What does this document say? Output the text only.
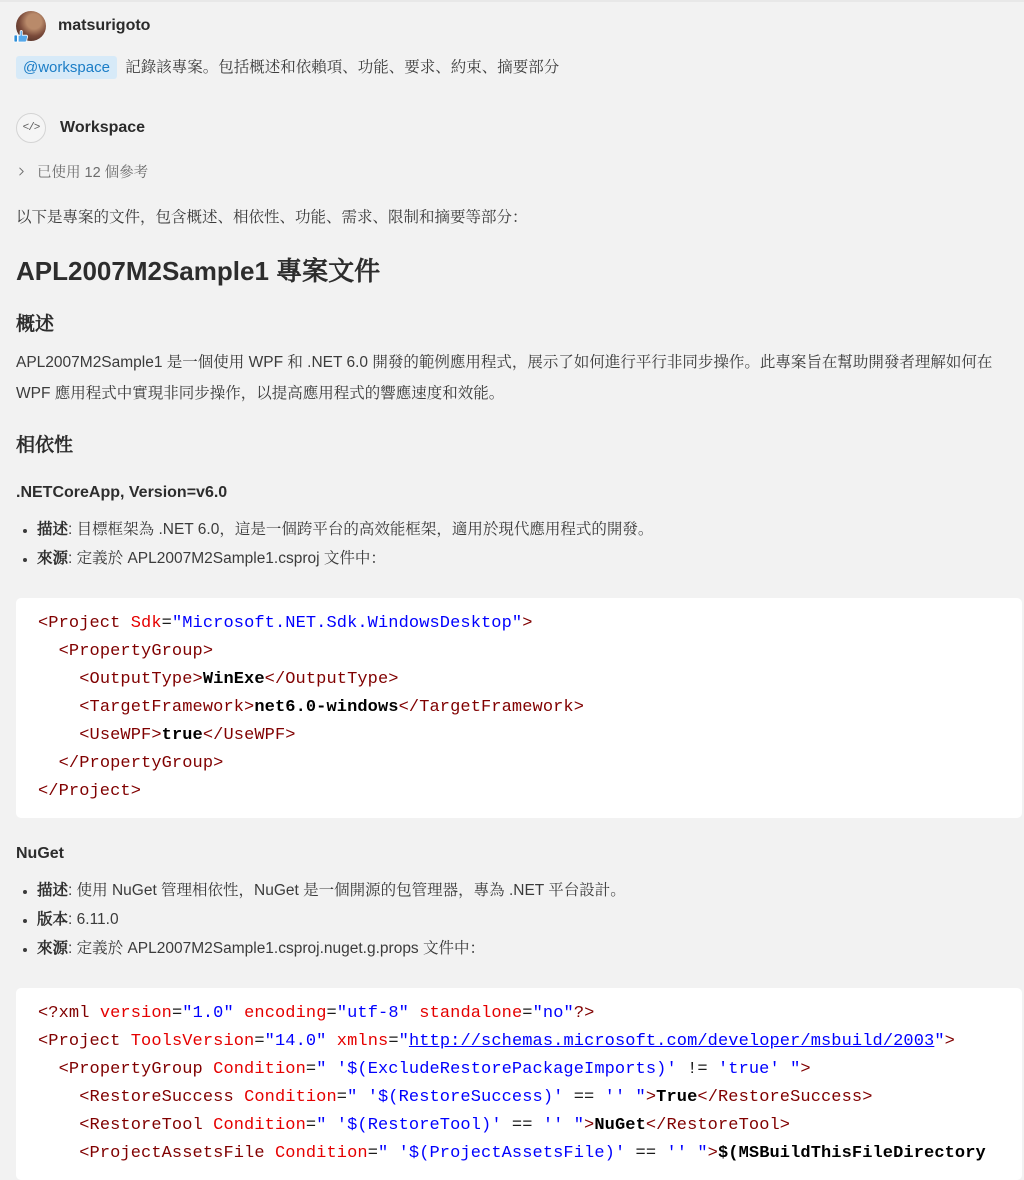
matsurigoto
@workspace 記錄該專案。包括概述和依賴項、功能、要求、約束、摘要部分
</>	Workspace
已使用 12 個參考
以下是專案的文件，包含概述、相依性、功能、需求、限制和摘要等部分：
APL2007M2Sample1 專案文件
概述

APL2007M2Sample1 是一個使用 WPF 和 .NET 6.0 開發的範例應用程式，展示了如何進行平行非同步操作。此專案旨在幫助開發者理解如何在 WPF 應用程式中實現非同步操作，以提高應用程式的響應速度和效能。

相依性
.NETCoreApp, Version=v6.0
• 描述: 目標框架為 .NET 6.0，這是一個跨平台的高效能框架，適用於現代應用程式的開發。
• 來源: 定義於 APL2007M2Sample1.csproj 文件中：
<Project Sdk="Microsoft.NET.Sdk.WindowsDesktop">
<PropertyGroup>
<OutputType>WinExe</OutputType>
<TargetFramework>net6.0-windows</TargetFramework>
<UseWPF>true</UseWPF>
</PropertyGroup>
</Project>
NuGet
• 描述: 使用 NuGet 管理相依性，NuGet 是一個開源的包管理器，專為 .NET 平台設計。
• 版本: 6.11.0
• 來源: 定義於 APL2007M2Sample1.csproj.nuget.g.props 文件中：
<?xml version="1.0" encoding="utf-8" standalone="no"?>
<Project ToolsVersion="14.0" xmlns="http://schemas.microsoft.com/developer/msbuild/2003">
<PropertyGroup Condition=" '$(ExcludeRestorePackageImports)' != 'true' ">
<RestoreSuccess Condition=" '$(RestoreSuccess)' == '' ">True</RestoreSuccess>
<RestoreTool Condition=" '$(RestoreTool)' == '' ">NuGet</RestoreTool>
<ProjectAssetsFile Condition=" '$(ProjectAssetsFile)' == '' ">$(MSBuildThisFileDirectory
